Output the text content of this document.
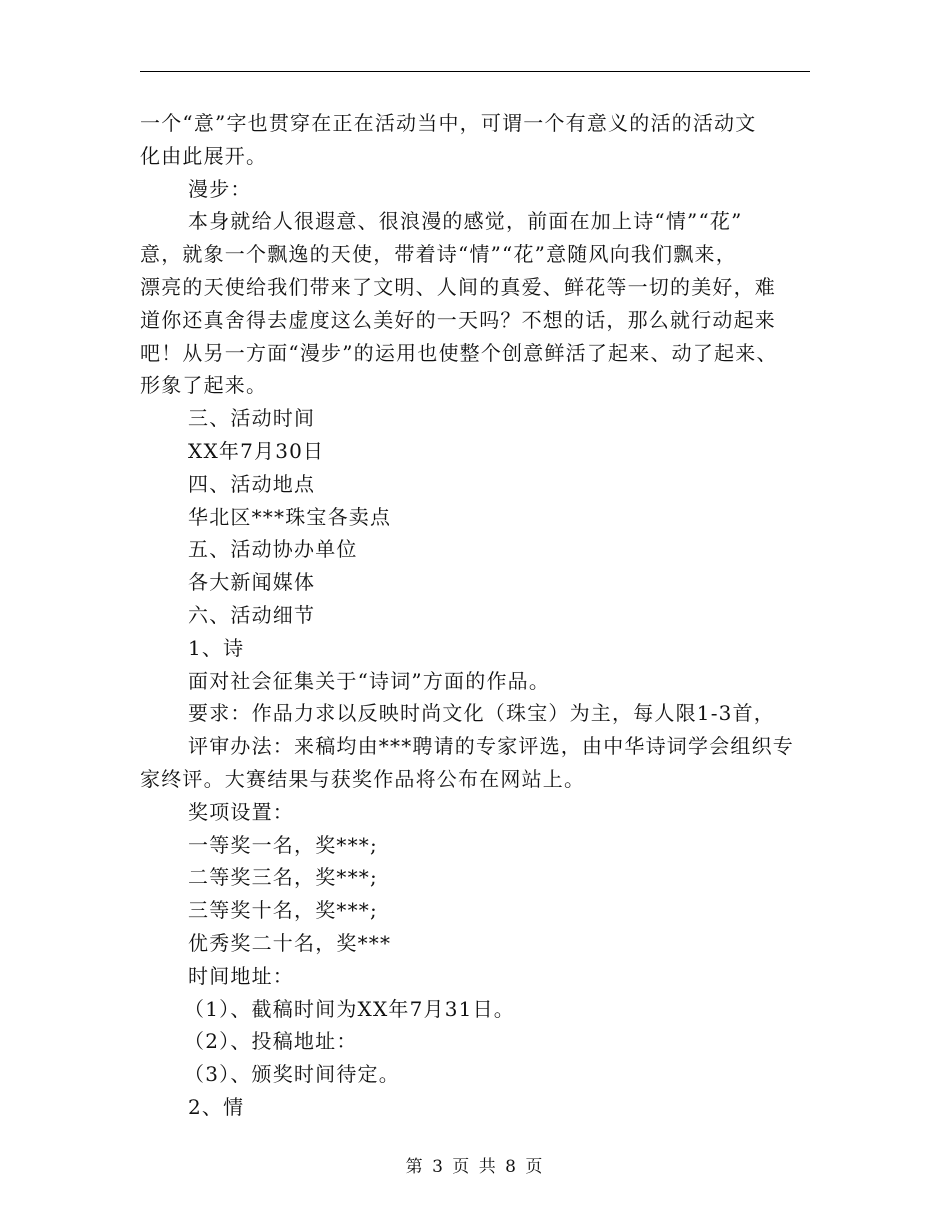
一个“意”字也贯穿在正在活动当中，可谓一个有意义的活的活动文
化由此展开。
漫步：
本身就给人很遐意、很浪漫的感觉，前面在加上诗“情”“花”
意，就象一个飘逸的天使，带着诗“情”“花”意随风向我们飘来，
漂亮的天使给我们带来了文明、人间的真爱、鲜花等一切的美好，难
道你还真舍得去虚度这么美好的一天吗？不想的话，那么就行动起来
吧！从另一方面“漫步”的运用也使整个创意鲜活了起来、动了起来、
形象了起来。
三、活动时间
XX年7月30日
四、活动地点
华北区***珠宝各卖点
五、活动协办单位
各大新闻媒体
六、活动细节
1、诗
面对社会征集关于“诗词”方面的作品。
要求：作品力求以反映时尚文化（珠宝）为主，每人限1-3首，
评审办法：来稿均由***聘请的专家评选，由中华诗词学会组织专
家终评。大赛结果与获奖作品将公布在网站上。
奖项设置：
一等奖一名，奖***;
二等奖三名，奖***;
三等奖十名，奖***;
优秀奖二十名，奖***
时间地址：
（1）、截稿时间为XX年7月31日。
（2）、投稿地址：
（3）、颁奖时间待定。
2、情
第 3 页 共 8 页
